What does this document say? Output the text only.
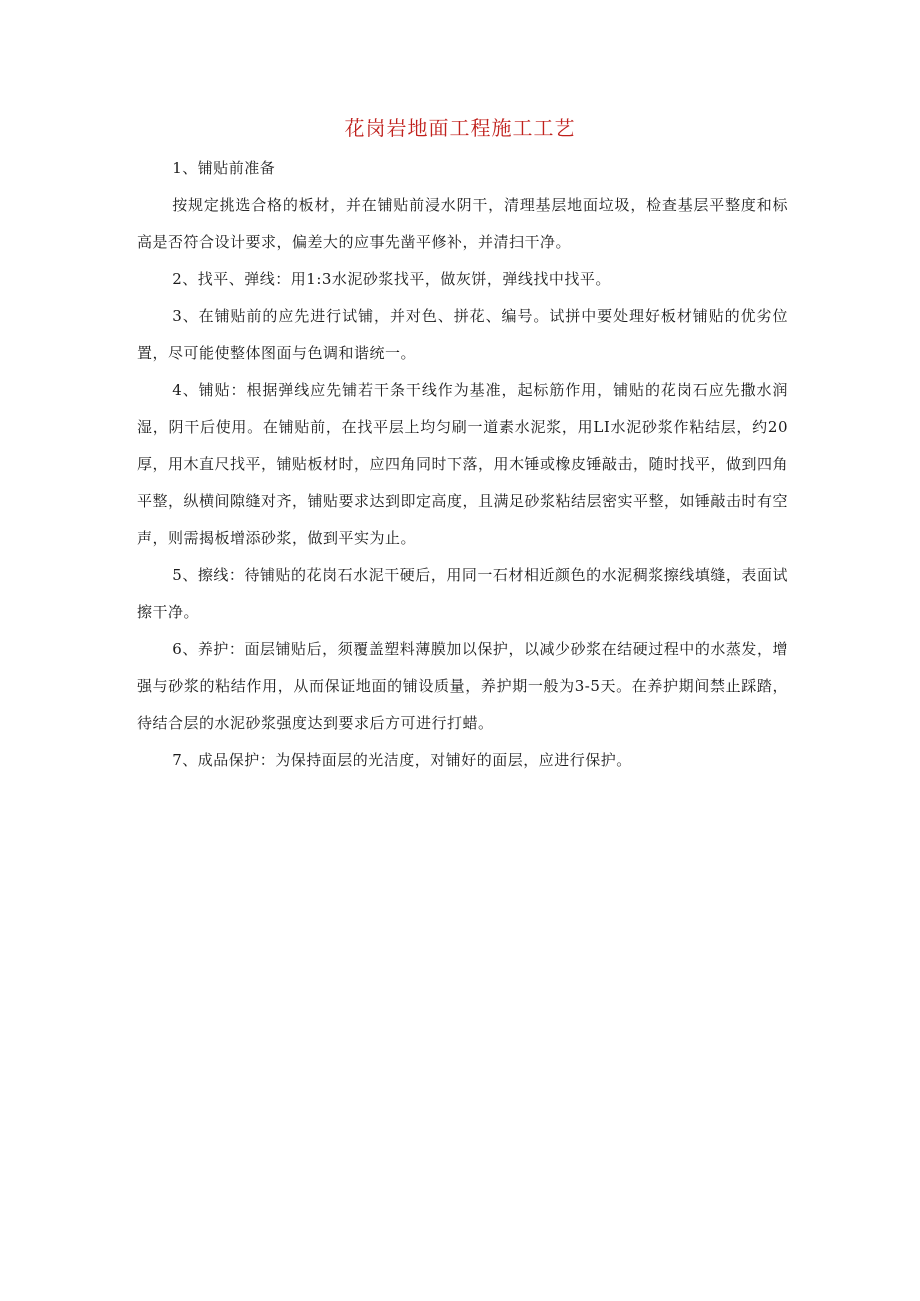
花岗岩地面工程施工工艺

1、铺贴前准备

按规定挑选合格的板材，并在铺贴前浸水阴干，清理基层地面垃圾，检查基层平整度和标高是否符合设计要求，偏差大的应事先凿平修补，并清扫干净。

2、找平、弹线：用1:3水泥砂浆找平，做灰饼，弹线找中找平。

3、在铺贴前的应先进行试铺，并对色、拼花、编号。试拼中要处理好板材铺贴的优劣位置，尽可能使整体图面与色调和谐统一。

4、铺贴：根据弹线应先铺若干条干线作为基准，起标筋作用，铺贴的花岗石应先撒水润湿，阴干后使用。在铺贴前，在找平层上均匀刷一道素水泥浆，用LI水泥砂浆作粘结层，约20厚，用木直尺找平，铺贴板材时，应四角同时下落，用木锤或橡皮锤敲击，随时找平，做到四角平整，纵横间隙缝对齐，铺贴要求达到即定高度，且满足砂浆粘结层密实平整，如锤敲击时有空声，则需揭板增添砂浆，做到平实为止。

5、擦线：待铺贴的花岗石水泥干硬后，用同一石材相近颜色的水泥稠浆擦线填缝，表面试擦干净。

6、养护：面层铺贴后，须覆盖塑料薄膜加以保护，以减少砂浆在结硬过程中的水蒸发，增强与砂浆的粘结作用，从而保证地面的铺设质量，养护期一般为3-5天。在养护期间禁止踩踏，待结合层的水泥砂浆强度达到要求后方可进行打蜡。

7、成品保护：为保持面层的光洁度，对铺好的面层，应进行保护。
